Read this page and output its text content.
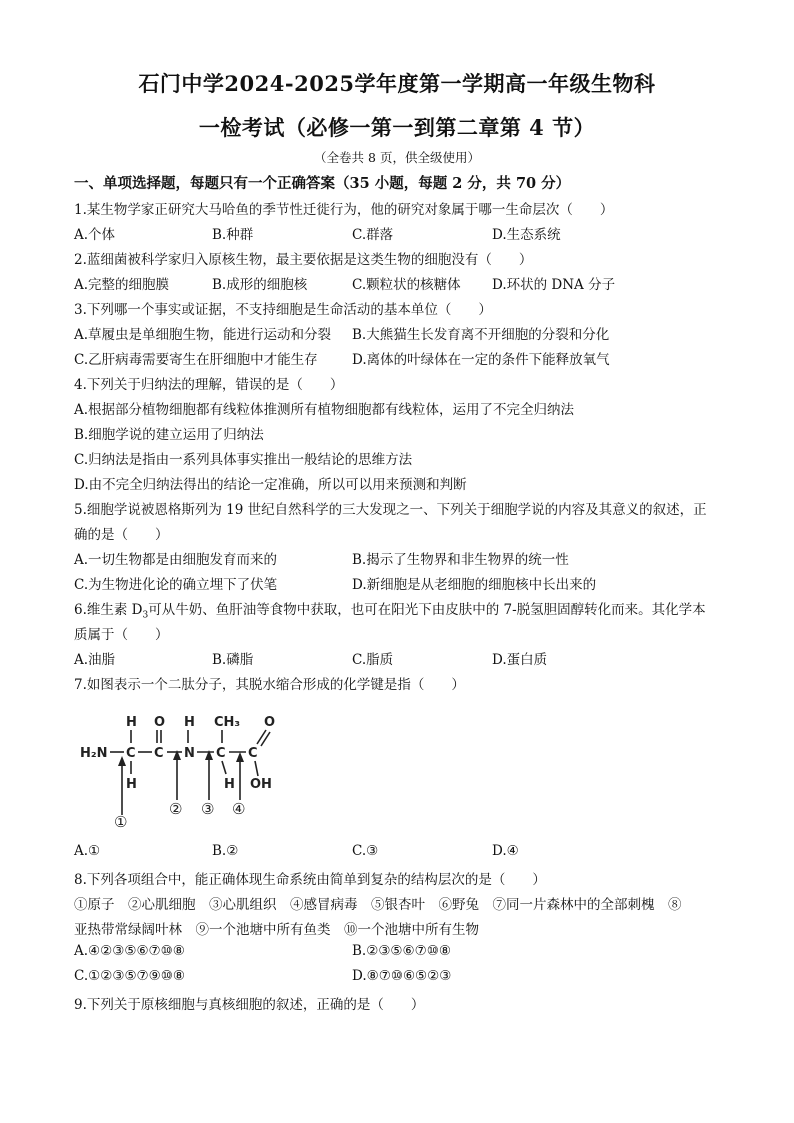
石门中学2024-2025学年度第一学期高一年级生物科
一检考试（必修一第一到第二章第 4 节）
（全卷共 8 页，供全级使用）
一、单项选择题，每题只有一个正确答案（35 小题，每题 2 分，共 70 分）
1.某生物学家正研究大马哈鱼的季节性迁徙行为，他的研究对象属于哪一生命层次（　　）
A.个体	B.种群	C.群落	D.生态系统
2.蓝细菌被科学家归入原核生物，最主要依据是这类生物的细胞没有（　　）
A.完整的细胞膜	B.成形的细胞核	C.颗粒状的核糖体 D.环状的 DNA 分子
3.下列哪一个事实或证据，不支持细胞是生命活动的基本单位（　　）
A.草履虫是单细胞生物，能进行运动和分裂 B.大熊猫生长发育离不开细胞的分裂和分化
C.乙肝病毒需要寄生在肝细胞中才能生存	D.离体的叶绿体在一定的条件下能释放氧气
4.下列关于归纳法的理解，错误的是（　　）
A.根据部分植物细胞都有线粒体推测所有植物细胞都有线粒体，运用了不完全归纳法
B.细胞学说的建立运用了归纳法
C.归纳法是指由一系列具体事实推出一般结论的思维方法
D.由不完全归纳法得出的结论一定准确，所以可以用来预测和判断
5.细胞学说被恩格斯列为 19 世纪自然科学的三大发现之一、下列关于细胞学说的内容及其意义的叙述，正
确的是（　　）
A.一切生物都是由细胞发育而来的	B.揭示了生物界和非生物界的统一性
C.为生物进化论的确立埋下了伏笔	D.新细胞是从老细胞的细胞核中长出来的
6.维生素 $D_3$可从牛奶、鱼肝油等食物中获取，也可在阳光下由皮肤中的 7-脱氢胆固醇转化而来。其化学本
质属于（　　）
A.油脂	B.磷脂	C.脂质	D.蛋白质
7.如图表示一个二肽分子，其脱水缩合形成的化学键是指（　　）
H₂N
H
C
H
C
O
N
H
C
CH₃
H
C
O
OH
①
② ③ ④
A.①	B.②	C.③	D.④
8.下列各项组合中，能正确体现生命系统由简单到复杂的结构层次的是（　　）
①原子　②心肌细胞　③心肌组织　④感冒病毒　⑤银杏叶　⑥野兔　⑦同一片森林中的全部刺槐　⑧
亚热带常绿阔叶林　⑨一个池塘中所有鱼类　⑩一个池塘中所有生物
A.④②③⑤⑥⑦⑩⑧	B.②③⑤⑥⑦⑩⑧
C.①②③⑤⑦⑨⑩⑧	D.⑧⑦⑩⑥⑤②③
9.下列关于原核细胞与真核细胞的叙述，正确的是（　　）
